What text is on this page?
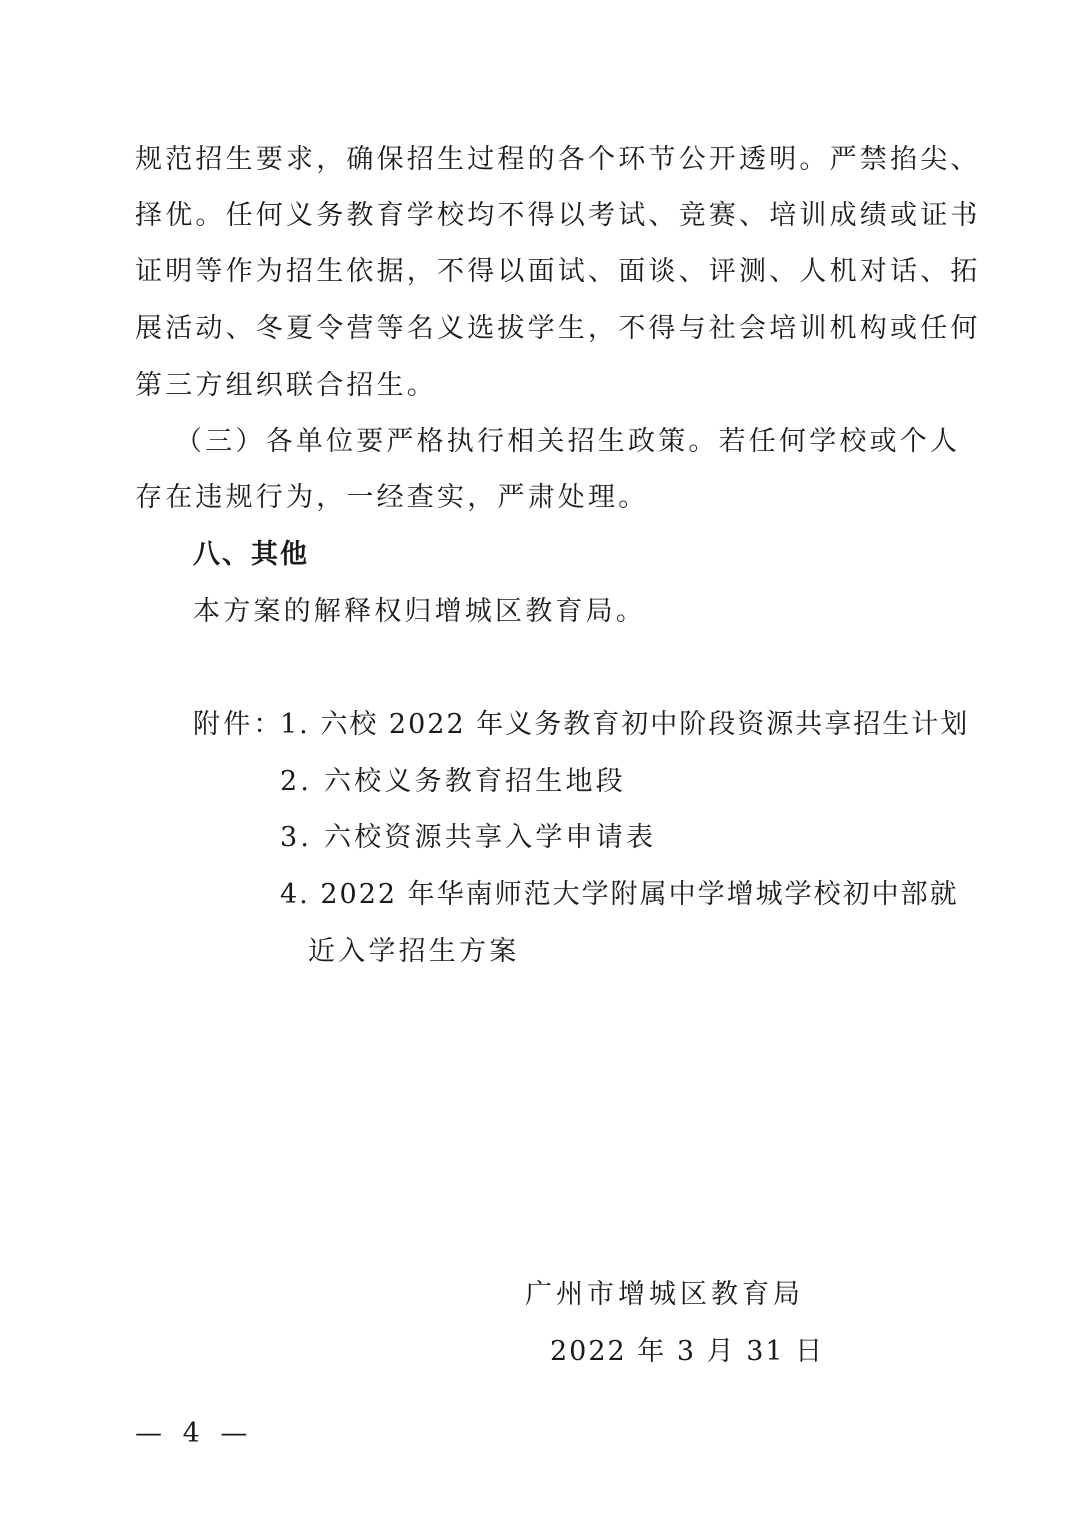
规范招生要求，确保招生过程的各个环节公开透明。严禁掐尖、
择优。任何义务教育学校均不得以考试、竞赛、培训成绩或证书
证明等作为招生依据，不得以面试、面谈、评测、人机对话、拓
展活动、冬夏令营等名义选拔学生，不得与社会培训机构或任何
第三方组织联合招生。
（三）各单位要严格执行相关招生政策。若任何学校或个人
存在违规行为，一经查实，严肃处理。
八、其他
本方案的解释权归增城区教育局。
附件：
1. 六校 2022 年义务教育初中阶段资源共享招生计划
2. 六校义务教育招生地段
3. 六校资源共享入学申请表
4. 2022 年华南师范大学附属中学增城学校初中部就
近入学招生方案
广州市增城区教育局
2022 年 3 月 31 日
— 4 —
